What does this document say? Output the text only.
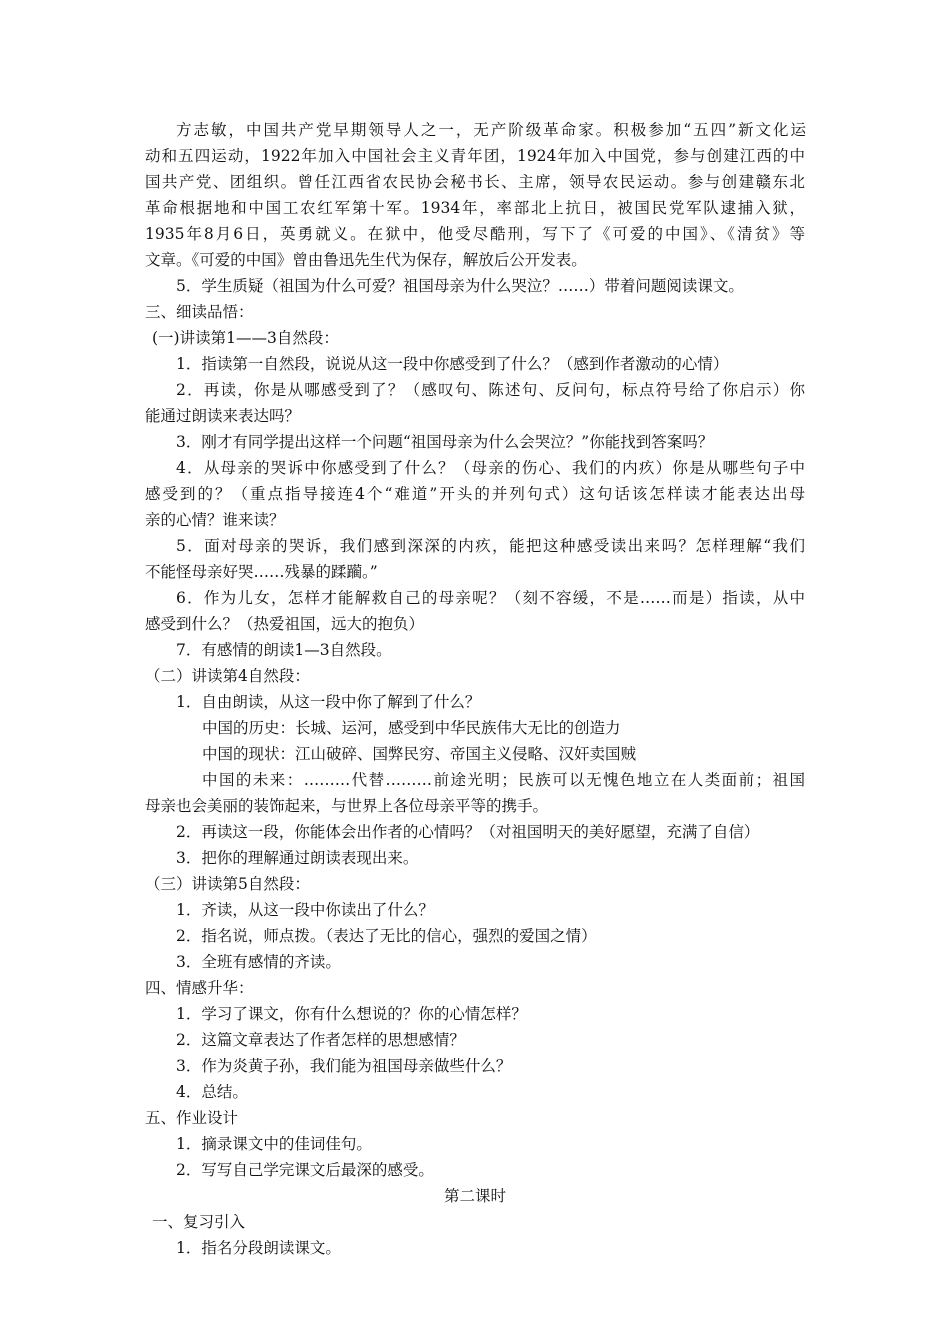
方志敏，中国共产党早期领导人之一，无产阶级革命家。积极参加“五四”新文化运
动和五四运动，1922年加入中国社会主义青年团，1924年加入中国党，参与创建江西的中
国共产党、团组织。曾任江西省农民协会秘书长、主席，领导农民运动。参与创建赣东北
革命根据地和中国工农红军第十军。1934年，率部北上抗日，被国民党军队逮捕入狱，
1935年8月6日，英勇就义。在狱中，他受尽酷刑，写下了《可爱的中国》、《清贫》等
文章。《可爱的中国》曾由鲁迅先生代为保存，解放后公开发表。
5．学生质疑（祖国为什么可爱？祖国母亲为什么哭泣？……）带着问题阅读课文。
三、细读品悟：
(一)讲读第1——3自然段：
1．指读第一自然段，说说从这一段中你感受到了什么？（感到作者激动的心情）
2．再读，你是从哪感受到了？（感叹句、陈述句、反问句，标点符号给了你启示）你
能通过朗读来表达吗？
3．刚才有同学提出这样一个问题“祖国母亲为什么会哭泣？”你能找到答案吗？
4．从母亲的哭诉中你感受到了什么？（母亲的伤心、我们的内疚）你是从哪些句子中
感受到的？（重点指导接连4个“难道”开头的并列句式）这句话该怎样读才能表达出母
亲的心情？谁来读？
5．面对母亲的哭诉，我们感到深深的内疚，能把这种感受读出来吗？怎样理解“我们
不能怪母亲好哭……残暴的蹂躏。”
6．作为儿女，怎样才能解救自己的母亲呢？（刻不容缓，不是……而是）指读，从中
感受到什么？（热爱祖国，远大的抱负）
7．有感情的朗读1—3自然段。
（二）讲读第4自然段：
1．自由朗读，从这一段中你了解到了什么？
中国的历史：长城、运河，感受到中华民族伟大无比的创造力
中国的现状：江山破碎、国弊民穷、帝国主义侵略、汉奸卖国贼
中国的未来：………代替………前途光明；民族可以无愧色地立在人类面前；祖国
母亲也会美丽的装饰起来，与世界上各位母亲平等的携手。
2．再读这一段，你能体会出作者的心情吗？（对祖国明天的美好愿望，充满了自信）
3．把你的理解通过朗读表现出来。
（三）讲读第5自然段：
1．齐读，从这一段中你读出了什么？
2．指名说，师点拨。（表达了无比的信心，强烈的爱国之情）
3．全班有感情的齐读。
四、情感升华：
1．学习了课文，你有什么想说的？你的心情怎样？
2．这篇文章表达了作者怎样的思想感情？
3．作为炎黄子孙，我们能为祖国母亲做些什么？
4．总结。
五、作业设计
1．摘录课文中的佳词佳句。
2．写写自己学完课文后最深的感受。
第二课时
一、复习引入
1．指名分段朗读课文。
